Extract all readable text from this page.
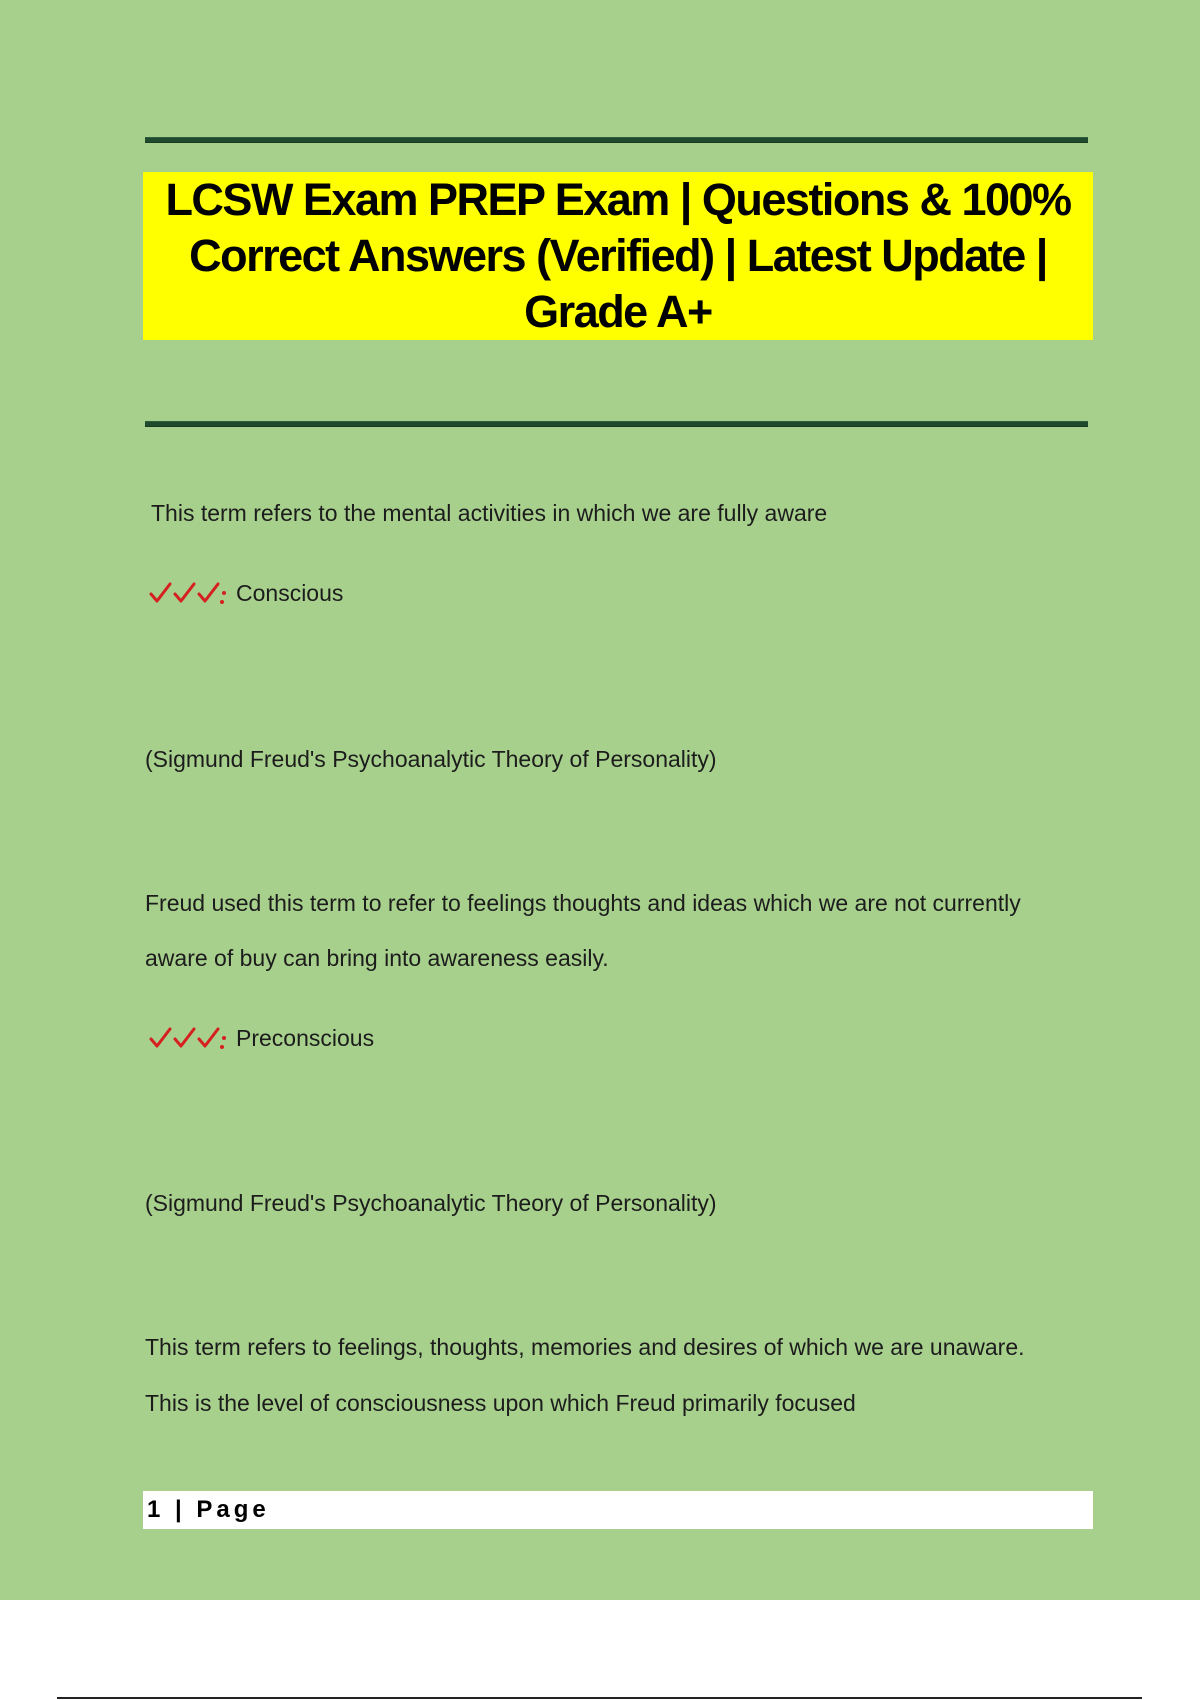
LCSW Exam PREP Exam | Questions & 100% Correct Answers (Verified) | Latest Update | Grade A+
This term refers to the mental activities in which we are fully aware
Conscious
(Sigmund Freud's Psychoanalytic Theory of Personality)
Freud used this term to refer to feelings thoughts and ideas which we are not currently
aware of buy can bring into awareness easily.
Preconscious
(Sigmund Freud's Psychoanalytic Theory of Personality)
This term refers to feelings, thoughts, memories and desires of which we are unaware.
This is the level of consciousness upon which Freud primarily focused
1 | Page
